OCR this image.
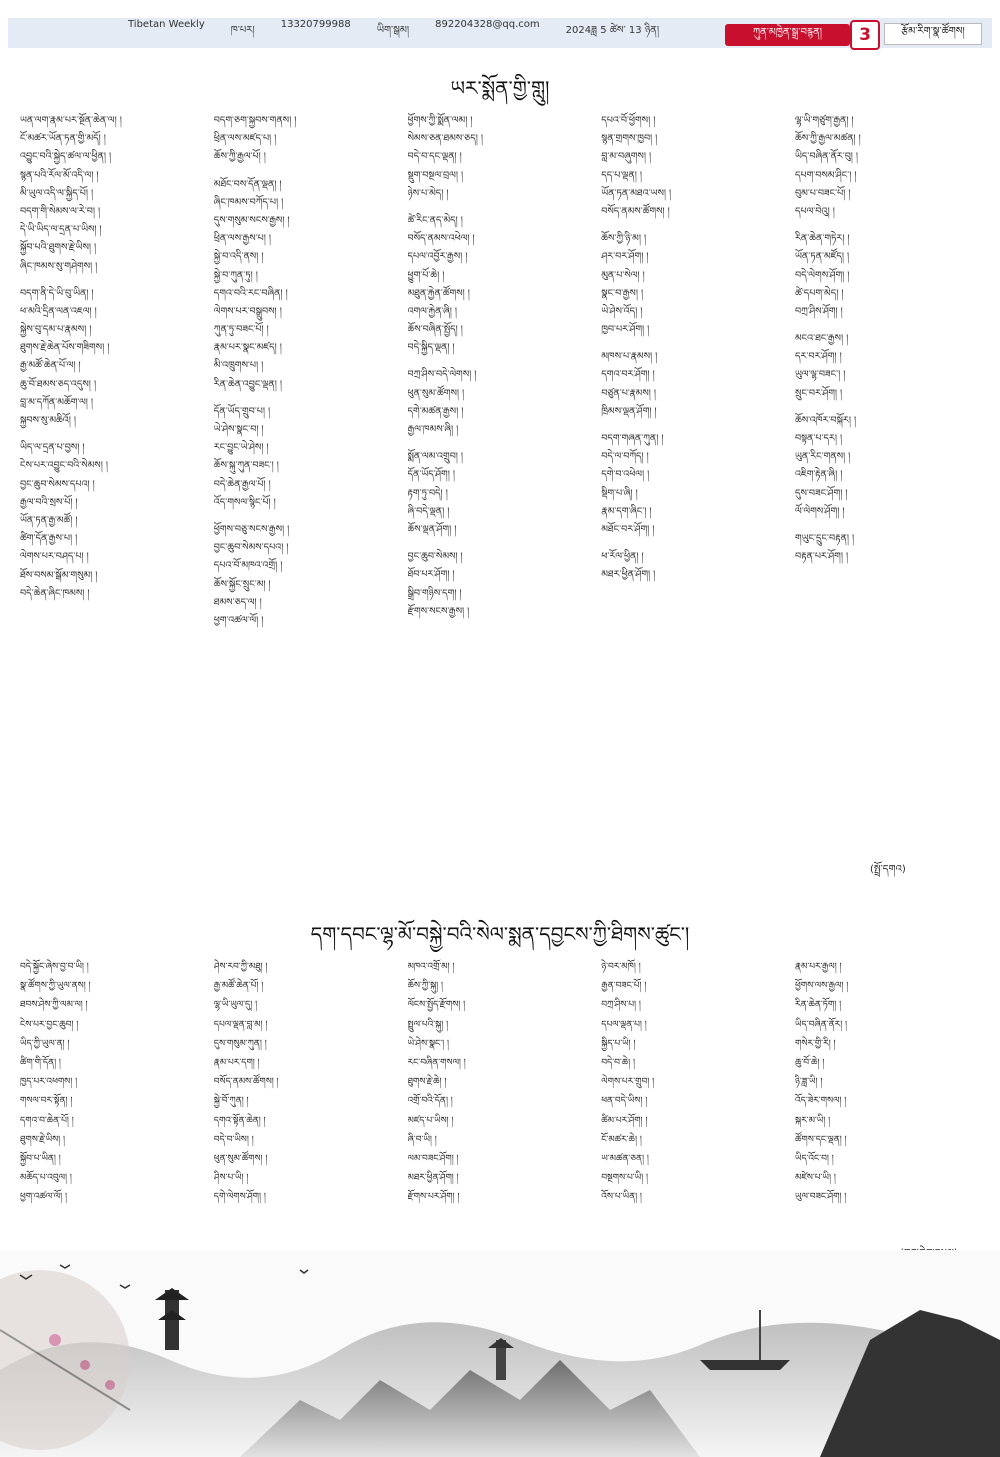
Tibetan Weekly
ཁ་པར།
13320799988
ཡིག་སྒམ།
892204328@qq.com
2024ཟླ 5 ཚེས་ 13 ཉིན།	ཀུན་མཁྱེན་སྒྲ་བརྙན།	3	རྩོམ་རིག་སྣ་ཚོགས།
ཡར་སྨོན་གྱི་གླུ།
ཡན་ལག་རྣམ་པར་སྔོན་ཆེན་ལ། །
ངོ་མཚར་ཡོན་ཏན་གྱི་མདོ། །
འབྱུང་བའི་སྐྱེད་ཚལ་ལ་ཕྱིན། །
སྙན་པའི་རོལ་མོ་འདི་ལ། །
མི་ཡུལ་འདི་ལ་སྐྱིད་པོ། །
བདག་གི་སེམས་ལ་རེ་བ། །
དེ་ཡི་ཡིད་ལ་དྲན་པ་ཡིས། །
སྐྱོབ་པའི་ཐུགས་རྗེ་ཡིས། །
ཞིང་ཁམས་སུ་གཤེགས། །
བདག་ནི་དེ་ཡི་བུ་ཡིན། །
ཕ་མའི་དྲིན་ལན་འཇལ། །
སྐྱེས་བུ་དམ་པ་རྣམས། །
ཐུགས་རྗེ་ཆེན་པོས་གཟིགས། །
རྒྱ་མཚོ་ཆེན་པོ་ལ། །
ཆུ་བོ་ཐམས་ཅད་འདུས། །
བླ་མ་དཀོན་མཆོག་ལ། །
སྐྱབས་སུ་མཆིའོ། །
ཡིད་ལ་དྲན་པ་བྱས། །
ངེས་པར་འབྱུང་བའི་སེམས། །
བྱང་ཆུབ་སེམས་དཔའ། །
རྒྱལ་བའི་སྲས་པོ། །
ཡོན་ཏན་རྒྱ་མཚོ། །
ཚིག་དོན་རྒྱས་པ། །
ལེགས་པར་བཤད་པ། །
ཐོས་བསམ་སྒོམ་གསུམ། །
བདེ་ཆེན་ཞིང་ཁམས། །
བདག་ཅག་སྐྱབས་གནས། །
ཕྲིན་ལས་མཛད་པ། །
ཆོས་ཀྱི་རྒྱལ་པོ། །
མཐོང་བས་དོན་ལྡན། །
ཞིང་ཁམས་བཀོད་པ། །
དུས་གསུམ་སངས་རྒྱས། །
ཕྲིན་ལས་རྒྱས་པ། །
སྐྱེ་བ་འདི་ནས། །
སྐྱེ་བ་ཀུན་ཏུ། །
དགའ་བའི་རང་བཞིན། །
ལེགས་པར་བསྒྲུབས། །
ཀུན་ཏུ་བཟང་པོ། །
རྣམ་པར་སྣང་མཛད། །
མི་འཁྲུགས་པ། །
རིན་ཆེན་འབྱུང་ལྡན། །
དོན་ཡོད་གྲུབ་པ། །
ཡེ་ཤེས་སྣང་བ། །
རང་བྱུང་ཡེ་ཤེས། །
ཆོས་སྐུ་ཀུན་བཟང་། །
བདེ་ཆེན་རྒྱལ་པོ། །
འོད་གསལ་སྙིང་པོ། །
ཕྱོགས་བཅུ་སངས་རྒྱས། །
བྱང་ཆུབ་སེམས་དཔའ། །
དཔའ་བོ་མཁའ་འགྲོ། །
ཆོས་སྐྱོང་སྲུང་མ། །
ཐམས་ཅད་ལ། །
ཕྱག་འཚལ་ལོ། །
ཕྱོགས་ཀྱི་སྨོན་ལམ། །
སེམས་ཅན་ཐམས་ཅད། །
བདེ་བ་དང་ལྡན། །
སྡུག་བསྔལ་བྲལ། །
ཉེས་པ་མེད། །
ཚེ་རིང་ནད་མེད། །
བསོད་ནམས་འཕེལ། །
དཔལ་འབྱོར་རྒྱས། །
ཕྱུག་པོ་ཆེ། །
མཐུན་རྐྱེན་ཚོགས། །
འགལ་རྐྱེན་ཞི། །
ཆོས་བཞིན་སྤྱོད། །
བདེ་སྐྱིད་ལྡན། །
བཀྲ་ཤིས་བདེ་ལེགས། །
ཕུན་སུམ་ཚོགས། །
དགེ་མཚན་རྒྱས། །
རྒྱལ་ཁམས་ཞི། །
སྨོན་ལམ་འགྲུབ། །
དོན་ཡོད་ཤོག། །
རྟག་ཏུ་བདེ། །
ཞི་བདེ་ལྡན། །
ཆོས་ལྡན་ཤོག། །
བྱང་ཆུབ་སེམས། །
ཐོབ་པར་ཤོག། །
སྒྲིབ་གཉིས་དག། །
རྫོགས་སངས་རྒྱས། །
དཔའ་བོ་ཕྱོགས། །
སྙན་གྲགས་ཁྱབ། །
བླ་མ་བཞུགས། །
དད་པ་ལྡན། །
ཡོན་ཏན་མཐའ་ཡས། །
བསོད་ནམས་ཚོགས། །
ཆོས་ཀྱི་ཉི་མ། །
ཤར་བར་ཤོག། །
མུན་པ་སེལ། །
སྣང་བ་རྒྱས། །
ཡེ་ཤེས་འོད། །
ཁྱབ་པར་ཤོག། །
མཁས་པ་རྣམས། །
དགའ་བར་ཤོག། །
བཙུན་པ་རྣམས། །
ཁྲིམས་ལྡན་ཤོག། །
བདག་གཞན་ཀུན། །
བདེ་ལ་བཀོད། །
དགེ་བ་འཕེལ། །
སྡིག་པ་ཞི། །
རྣམ་དག་ཞིང་། །
མཐོང་བར་ཤོག། །
ཕ་རོལ་ཕྱིན། །
མཐར་ཕྱིན་ཤོག། །
ལྷ་ཡི་གཙུག་རྒྱན། །
ཆོས་ཀྱི་རྒྱལ་མཚན། །
ཡིད་བཞིན་ནོར་བུ། །
དཔག་བསམ་ཤིང་། །
བུམ་པ་བཟང་པོ། །
དཔལ་བེའུ། །
རིན་ཆེན་གཏེར། །
ཡོན་ཏན་མཛོད། །
བདེ་ལེགས་ཤོག། །
ཚེ་དཔག་མེད། །
བཀྲ་ཤིས་ཤོག། །
མངའ་ཐང་རྒྱས། །
དར་བར་ཤོག། །
ཡུལ་ལྷ་བཟང་། །
སྲུང་བར་ཤོག། །
ཆོས་འཁོར་བསྐོར། །
བསྟན་པ་དར། །
ཡུན་རིང་གནས། །
འཇིག་རྟེན་ཞི། །
དུས་བཟང་ཤོག། །
ལོ་ལེགས་ཤོག། །
གཡུང་དྲུང་བརྟན། །
བརྟན་པར་ཤོག། །
(སྤྲོ་དགའ)
དག་དབང་ལྷ་མོ་བསྐྱེ་བའི་སེལ་སྨན་དབྱངས་ཀྱི་ཐིགས་ཚུང་།
བདེ་སྐྱོང་ཞེས་བྱ་བ་ཡི། །
སྣ་ཚོགས་ཀྱི་ཡུལ་ནས། །
ཐབས་ཤེས་ཀྱི་ལམ་ལ། །
ངེས་པར་བྱང་ཆུབ། །
ཡིད་ཀྱི་ཡུལ་ན། །
ཚིག་གི་དོན། །
ཁྱད་པར་འཕགས། །
གསལ་བར་སྟོན། །
དགའ་བ་ཆེན་པོ། །
ཐུགས་རྗེ་ཡིས། །
སྐྱོབ་པ་ཡིན། །
མཆོད་པ་འབུལ། །
ཕྱག་འཚལ་ལོ། །
ཤེས་རབ་ཀྱི་མཐུ། །
རྒྱ་མཚོ་ཆེན་པོ། །
ལྷ་ཡི་ཡུལ་དུ། །
དཔལ་ལྡན་བླ་མ། །
དུས་གསུམ་ཀུན། །
རྣམ་པར་དག། །
བསོད་ནམས་ཚོགས། །
སྐྱེ་བོ་ཀུན། །
དགའ་སྟོན་ཆེན། །
བདེ་བ་ཡིས། །
ཕུན་སུམ་ཚོགས། །
ཤིས་པ་ཡི། །
དགེ་ལེགས་ཤོག། །
མཁའ་འགྲོ་མ། །
ཆོས་ཀྱི་སྐུ། །
ལོངས་སྤྱོད་རྫོགས། །
སྤྲུལ་པའི་སྐུ། །
ཡེ་ཤེས་སྣང་། །
རང་བཞིན་གསལ། །
ཐུགས་རྗེ་ཆེ། །
འགྲོ་བའི་དོན། །
མཛད་པ་ཡིས། །
ཞི་བ་ཡི། །
ལམ་བཟང་ཤོག། །
མཐར་ཕྱིན་ཤོག། །
རྫོགས་པར་ཤོག། །
ཉེ་བར་མཁོ། །
རྒྱན་བཟང་པོ། །
བཀྲ་ཤིས་པ། །
དཔལ་ལྡན་པ། །
སྐྱིད་པ་ཡི། །
བདེ་བ་ཆེ། །
ལེགས་པར་གྲུབ། །
ཕན་བདེ་ཡིས། །
ཚིམ་པར་ཤོག། །
ངོ་མཚར་ཆེ། །
ཡ་མཚན་ཅན། །
བསྔགས་པ་ཡི། །
འོས་པ་ཡིན། །
རྣམ་པར་རྒྱལ། །
ཕྱོགས་ལས་རྒྱལ། །
རིན་ཆེན་ཏོག། །
ཡིད་བཞིན་ནོར། །
གསེར་གྱི་རི། །
ཆུ་བོ་ཆེ། །
ཉི་ཟླ་ཡི། །
འོད་ཟེར་གསལ། །
སྐར་མ་ཡི། །
ཚོགས་དང་ལྡན། །
ཡིད་འོང་བ། །
མཛེས་པ་ཡི། །
ཡུལ་བཟང་ཤོག། །
